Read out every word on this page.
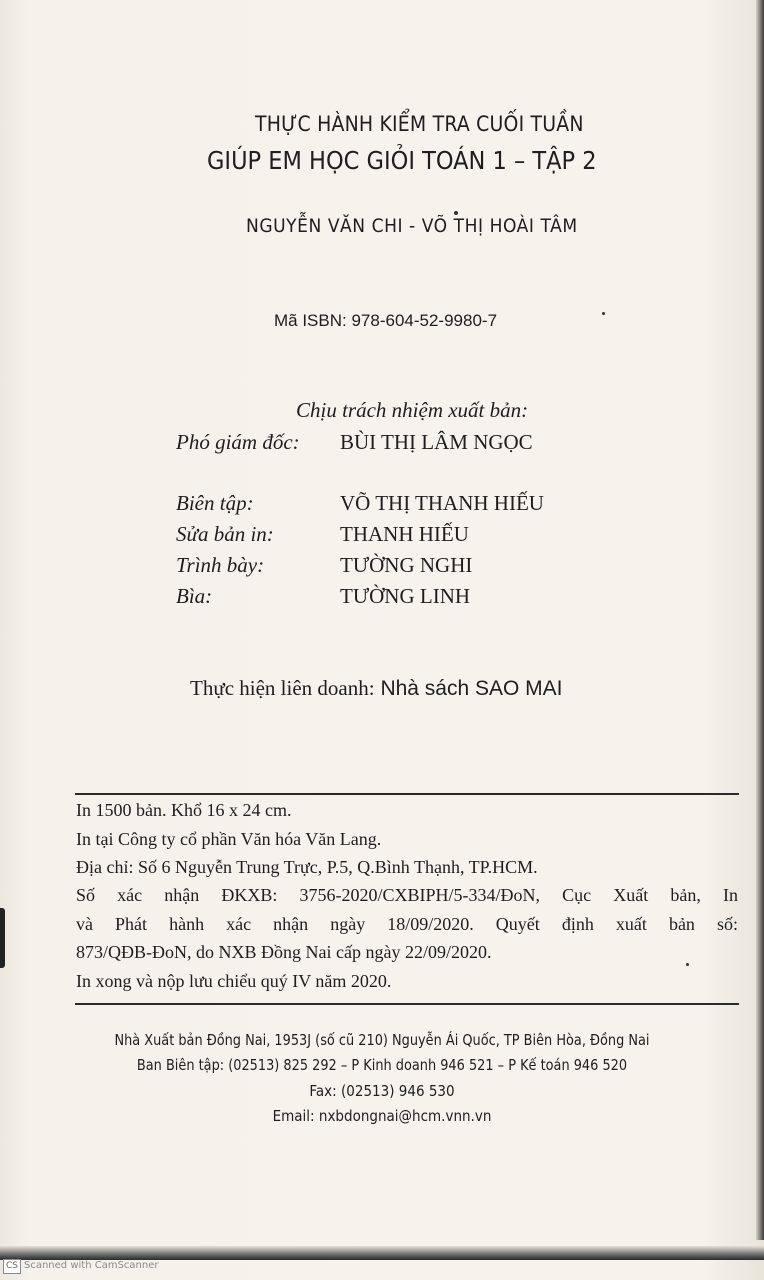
THỰC HÀNH KIỂM TRA CUỐI TUẦN
GIÚP EM HỌC GIỎI TOÁN 1 – TẬP 2
NGUYỄN VĂN CHI - VÕ THỊ HOÀI TÂM
Mã ISBN: 978-604-52-9980-7
Chịu trách nhiệm xuất bản:
Phó giám đốc: BÙI THỊ LÂM NGỌC
Biên tập:	VÕ THỊ THANH HIẾU
Sửa bản in:	THANH HIẾU
Trình bày:	TƯỜNG NGHI
Bìa:	TƯỜNG LINH
Thực hiện liên doanh: Nhà sách SAO MAI
In 1500 bản. Khổ 16 x 24 cm.
In tại Công ty cổ phần Văn hóa Văn Lang.
Địa chỉ: Số 6 Nguyễn Trung Trực, P.5, Q.Bình Thạnh, TP.HCM.
Số xác nhận ĐKXB: 3756-2020/CXBIPH/5-334/ĐoN, Cục Xuất bản, In
và Phát hành xác nhận ngày 18/09/2020. Quyết định xuất bản số:
873/QĐB-ĐoN, do NXB Đồng Nai cấp ngày 22/09/2020.
In xong và nộp lưu chiểu quý IV năm 2020.
Nhà Xuất bản Đồng Nai, 1953J (số cũ 210) Nguyễn Ái Quốc, TP Biên Hòa, Đồng Nai
Ban Biên tập: (02513) 825 292 – P Kinh doanh 946 521 – P Kế toán 946 520
Fax: (02513) 946 530
Email: nxbdongnai@hcm.vnn.vn
CS Scanned with CamScanner
